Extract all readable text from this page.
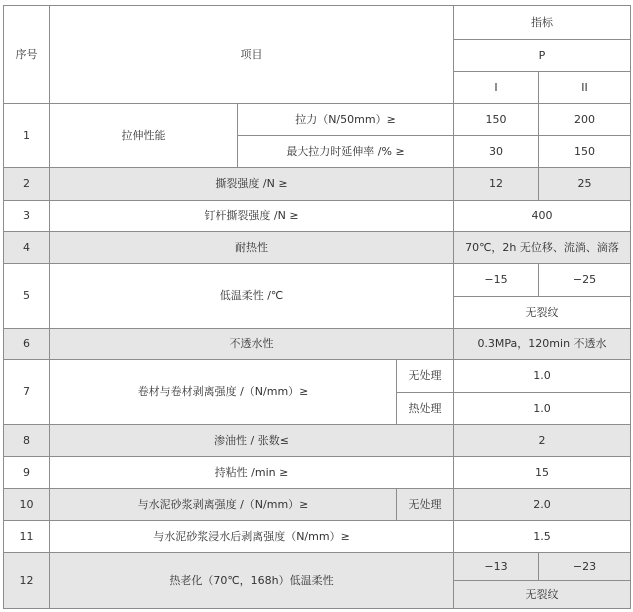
序号	项目			指标	
				P	
				I	II
1	拉伸性能	拉力（N/50mm）≥		150	200
		最大拉力时延伸率 /% ≥		30	150
2	撕裂强度 /N ≥			12	25
3	钉杆撕裂强度 /N ≥			400	
4	耐热性			70℃，2h 无位移、流淌、滴落	
5	低温柔性 /℃			−15	−25
				无裂纹	
6	不透水性			0.3MPa，120min 不透水	
7	卷材与卷材剥离强度 /（N/mm）≥		无处理	1.0	
			热处理	1.0	
8	渗油性 / 张数≤			2	
9	持粘性 /min ≥			15	
10	与水泥砂浆剥离强度 /（N/mm）≥		无处理	2.0	
11	与水泥砂浆浸水后剥离强度（N/mm）≥			1.5	
12	热老化（70℃，168h）低温柔性			−13	−23
				无裂纹	
